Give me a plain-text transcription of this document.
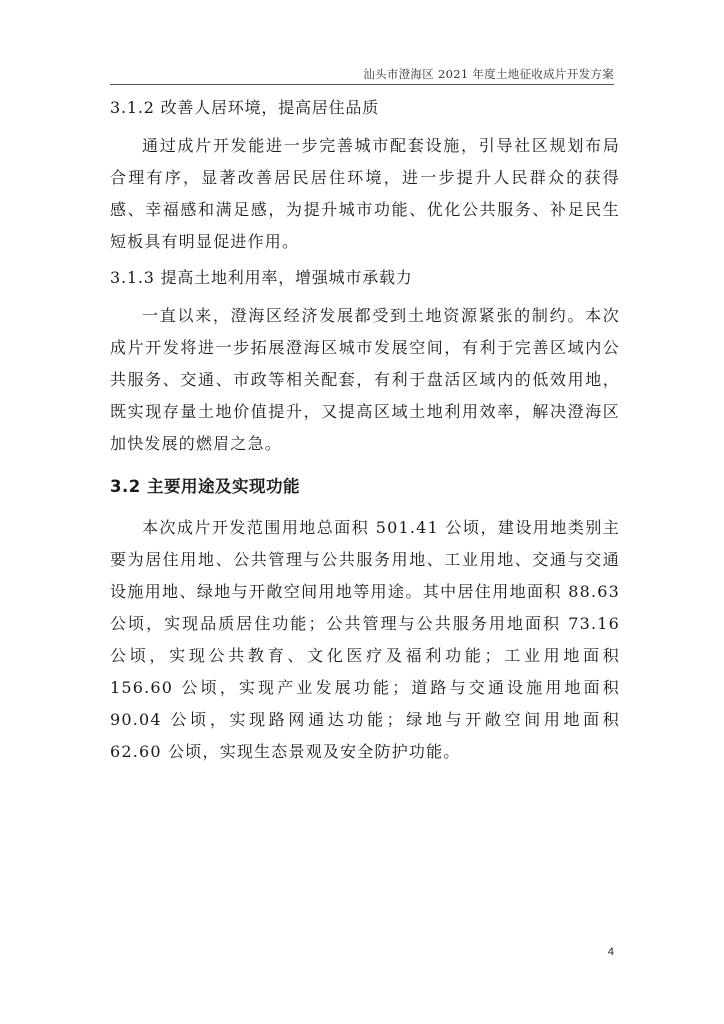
汕头市澄海区 2021 年度土地征收成片开发方案
3.1.2 改善人居环境，提高居住品质

通过成片开发能进一步完善城市配套设施，引导社区规划布局合理有序，显著改善居民居住环境，进一步提升人民群众的获得感、幸福感和满足感，为提升城市功能、优化公共服务、补足民生短板具有明显促进作用。

3.1.3 提高土地利用率，增强城市承载力

一直以来，澄海区经济发展都受到土地资源紧张的制约。本次成片开发将进一步拓展澄海区城市发展空间，有利于完善区域内公共服务、交通、市政等相关配套，有利于盘活区域内的低效用地，既实现存量土地价值提升，又提高区域土地利用效率，解决澄海区加快发展的燃眉之急。

3.2 主要用途及实现功能

本次成片开发范围用地总面积 501.41 公顷，建设用地类别主要为居住用地、公共管理与公共服务用地、工业用地、交通与交通设施用地、绿地与开敞空间用地等用途。其中居住用地面积 88.63 公顷，实现品质居住功能；公共管理与公共服务用地面积 73.16 公顷，实现公共教育、文化医疗及福利功能；工业用地面积 156.60 公顷，实现产业发展功能；道路与交通设施用地面积 90.04 公顷，实现路网通达功能；绿地与开敞空间用地面积 62.60 公顷，实现生态景观及安全防护功能。

4
